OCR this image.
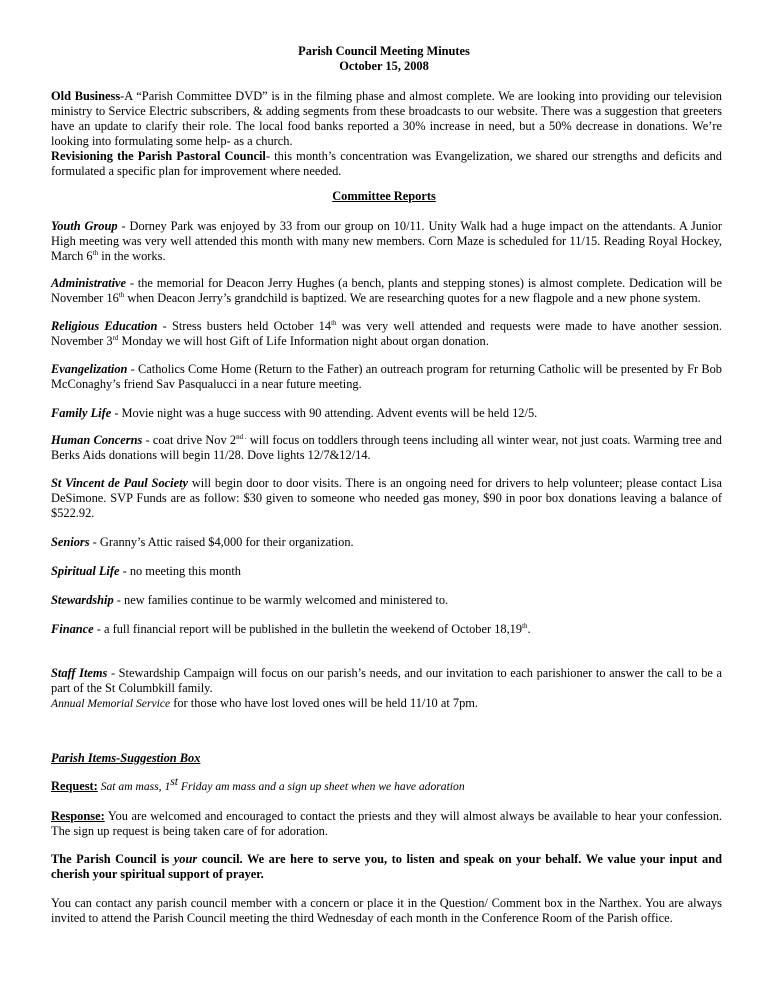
Parish Council Meeting Minutes
October 15, 2008

Old Business-A “Parish Committee DVD” is in the filming phase and almost complete. We are looking into providing our television ministry to Service Electric subscribers, & adding segments from these broadcasts to our website. There was a suggestion that greeters have an update to clarify their role. The local food banks reported a 30% increase in need, but a 50% decrease in donations. We’re looking into formulating some help- as a church.

Revisioning the Parish Pastoral Council- this month’s concentration was Evangelization, we shared our strengths and deficits and formulated a specific plan for improvement where needed.

Committee Reports

Youth Group - Dorney Park was enjoyed by 33 from our group on 10/11. Unity Walk had a huge impact on the attendants. A Junior High meeting was very well attended this month with many new members. Corn Maze is scheduled for 11/15. Reading Royal Hockey, March 6th in the works.

Administrative - the memorial for Deacon Jerry Hughes (a bench, plants and stepping stones) is almost complete. Dedication will be November 16th when Deacon Jerry’s grandchild is baptized. We are researching quotes for a new flagpole and a new phone system.

Religious Education - Stress busters held October 14th was very well attended and requests were made to have another session. November 3rd Monday we will host Gift of Life Information night about organ donation.

Evangelization - Catholics Come Home (Return to the Father) an outreach program for returning Catholic will be presented by Fr Bob McConaghy’s friend Sav Pasqualucci in a near future meeting.

Family Life - Movie night was a huge success with 90 attending. Advent events will be held 12/5.

Human Concerns - coat drive Nov $2^{nd .}$ will focus on toddlers through teens including all winter wear, not just coats. Warming tree and Berks Aids donations will begin 11/28. Dove lights 12/7&12/14.

St Vincent de Paul Society will begin door to door visits. There is an ongoing need for drivers to help volunteer; please contact Lisa DeSimone. SVP Funds are as follow: $30 given to someone who needed gas money, $90 in poor box donations leaving a balance of $522.92.

Seniors - Granny’s Attic raised $4,000 for their organization.

Spiritual Life - no meeting this month

Stewardship - new families continue to be warmly welcomed and ministered to.

Finance - a full financial report will be published in the bulletin the weekend of October 18,19th.

Staff Items - Stewardship Campaign will focus on our parish’s needs, and our invitation to each parishioner to answer the call to be a part of the St Columbkill family.
Annual Memorial Service for those who have lost loved ones will be held 11/10 at 7pm.

Parish Items-Suggestion Box

Request: Sat am mass, 1st Friday am mass and a sign up sheet when we have adoration

Response: You are welcomed and encouraged to contact the priests and they will almost always be available to hear your confession. The sign up request is being taken care of for adoration.

The Parish Council is your council. We are here to serve you, to listen and speak on your behalf. We value your input and cherish your spiritual support of prayer.

You can contact any parish council member with a concern or place it in the Question/ Comment box in the Narthex. You are always invited to attend the Parish Council meeting the third Wednesday of each month in the Conference Room of the Parish office.
